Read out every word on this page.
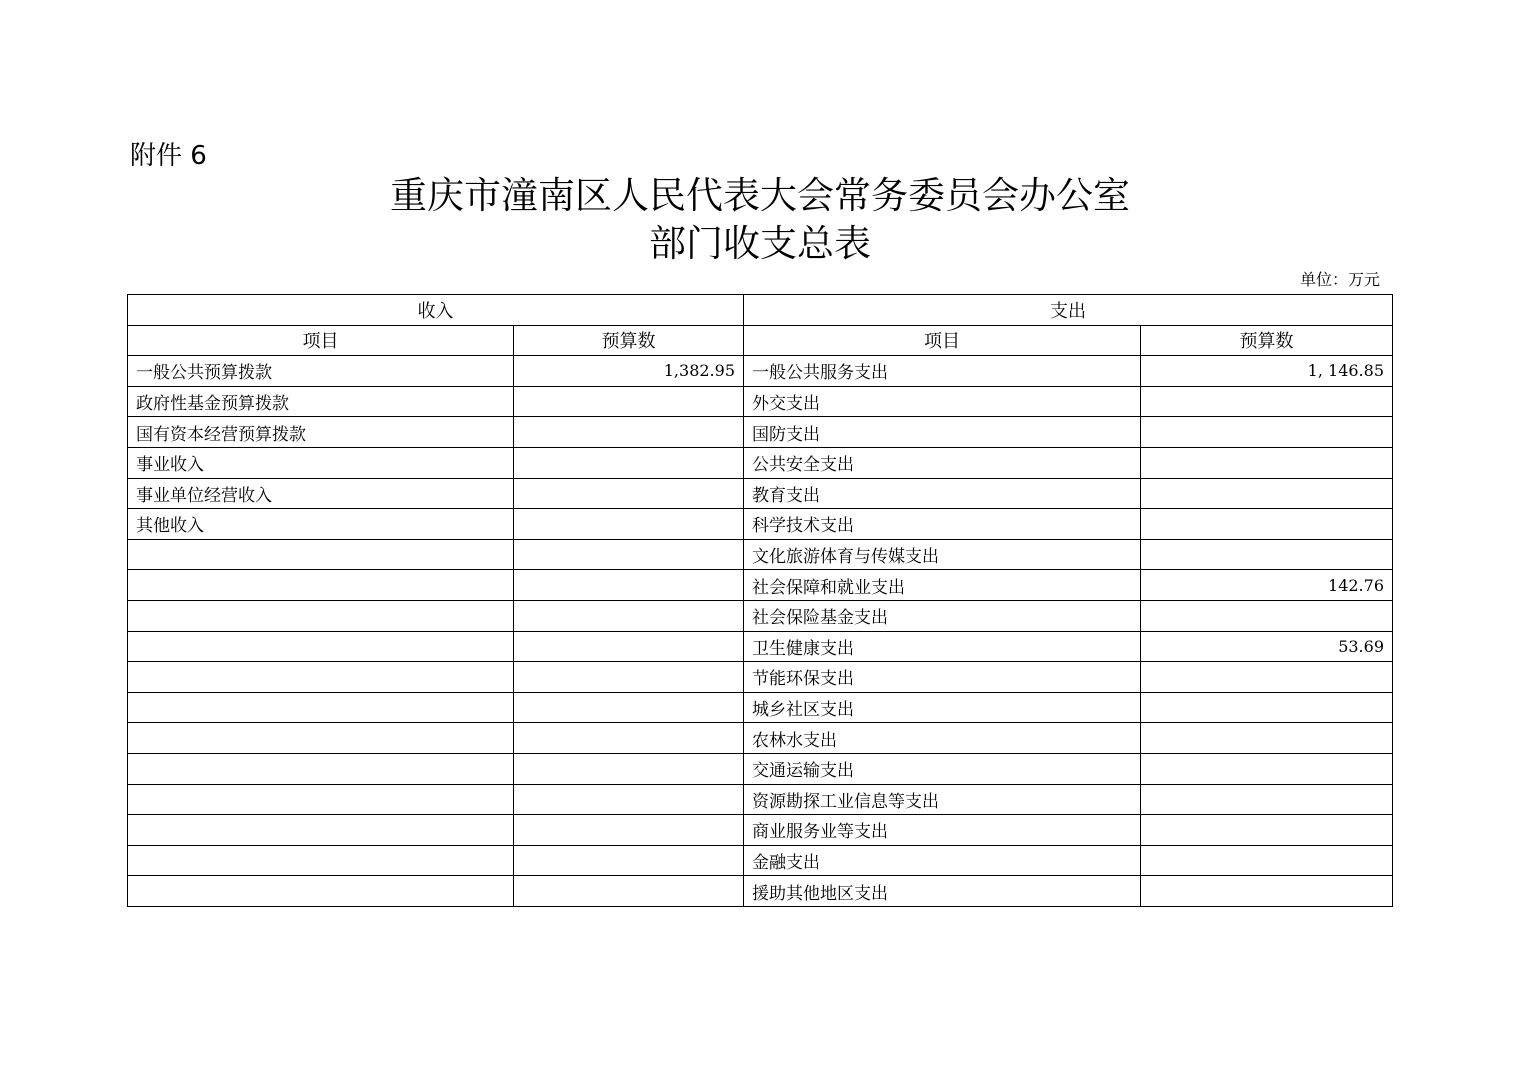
附件 6
重庆市潼南区人民代表大会常务委员会办公室
部门收支总表
单位：万元
收入		支出	
项目	预算数	项目	预算数
一般公共预算拨款	1,382.95	一般公共服务支出	1, 146.85
政府性基金预算拨款		外交支出	
国有资本经营预算拨款		国防支出	
事业收入		公共安全支出	
事业单位经营收入		教育支出	
其他收入		科学技术支出	
		文化旅游体育与传媒支出	
		社会保障和就业支出	142.76
		社会保险基金支出	
		卫生健康支出	53.69
		节能环保支出	
		城乡社区支出	
		农林水支出	
		交通运输支出	
		资源勘探工业信息等支出	
		商业服务业等支出	
		金融支出	
		援助其他地区支出	
